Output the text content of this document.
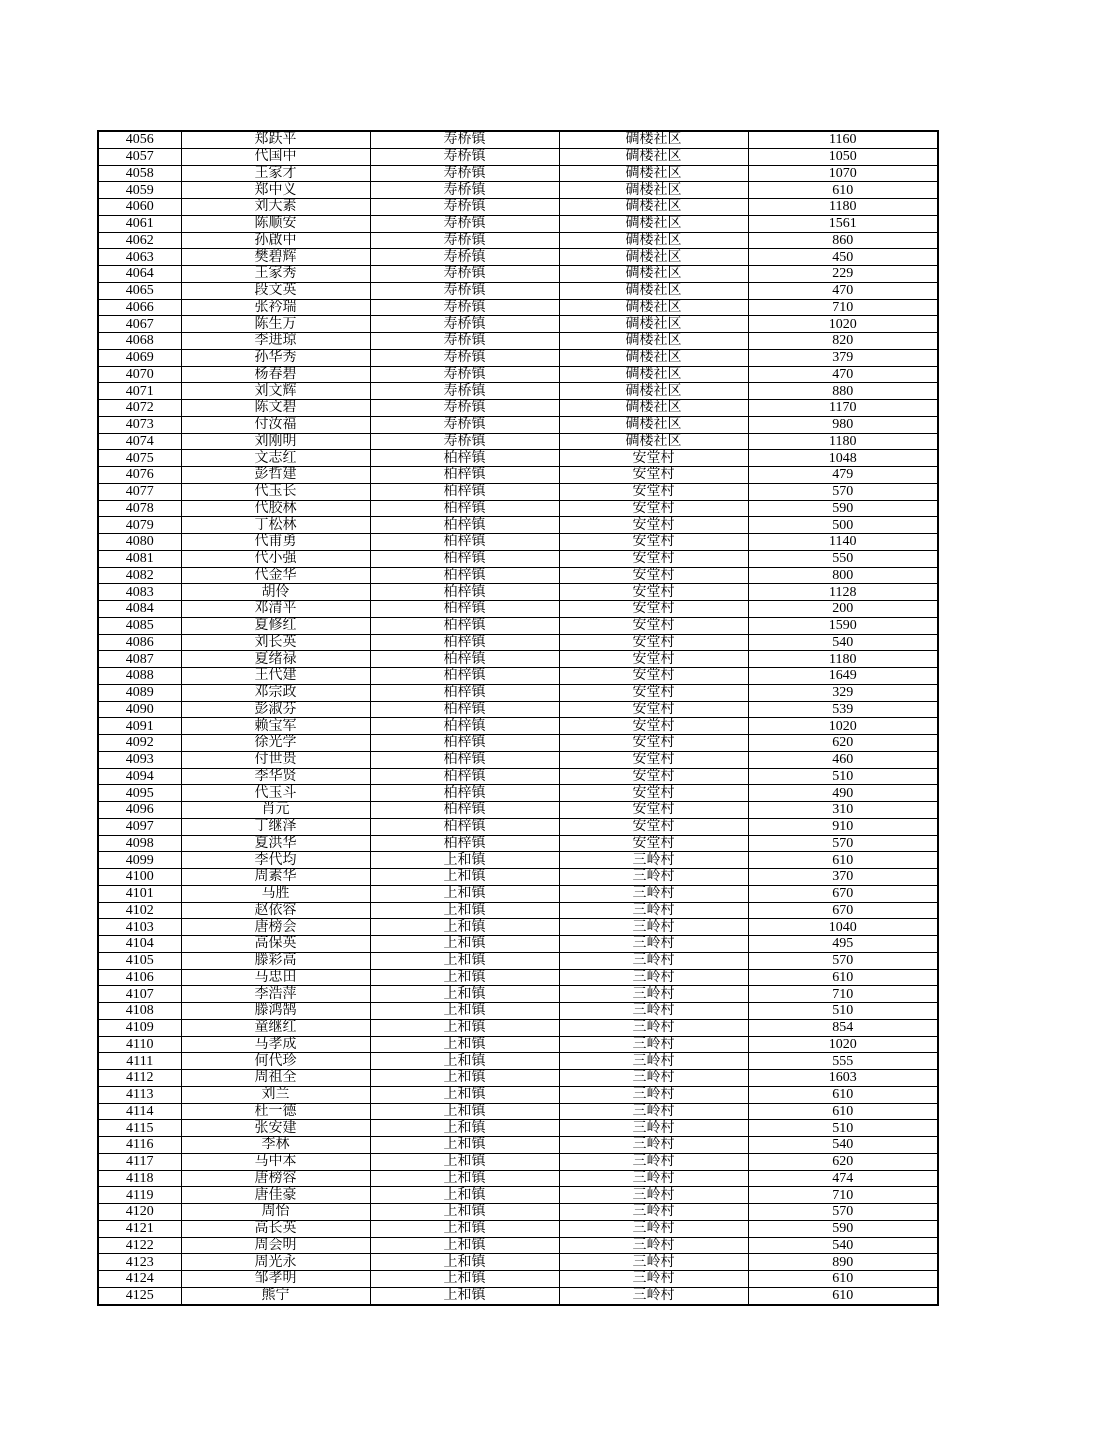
4056	郑跃平	寿桥镇	碉楼社区	1160
4057	代国中	寿桥镇	碉楼社区	1050
4058	王家才	寿桥镇	碉楼社区	1070
4059	郑中义	寿桥镇	碉楼社区	610
4060	刘大素	寿桥镇	碉楼社区	1180
4061	陈顺安	寿桥镇	碉楼社区	1561
4062	孙啟中	寿桥镇	碉楼社区	860
4063	樊碧辉	寿桥镇	碉楼社区	450
4064	王家秀	寿桥镇	碉楼社区	229
4065	段文英	寿桥镇	碉楼社区	470
4066	张衿瑞	寿桥镇	碉楼社区	710
4067	陈生万	寿桥镇	碉楼社区	1020
4068	李进琼	寿桥镇	碉楼社区	820
4069	孙华秀	寿桥镇	碉楼社区	379
4070	杨春碧	寿桥镇	碉楼社区	470
4071	刘文辉	寿桥镇	碉楼社区	880
4072	陈文碧	寿桥镇	碉楼社区	1170
4073	付汝福	寿桥镇	碉楼社区	980
4074	刘刚明	寿桥镇	碉楼社区	1180
4075	文志红	柏梓镇	安堂村	1048
4076	彭哲建	柏梓镇	安堂村	479
4077	代玉长	柏梓镇	安堂村	570
4078	代胶林	柏梓镇	安堂村	590
4079	丁松林	柏梓镇	安堂村	500
4080	代甫勇	柏梓镇	安堂村	1140
4081	代小强	柏梓镇	安堂村	550
4082	代金华	柏梓镇	安堂村	800
4083	胡伶	柏梓镇	安堂村	1128
4084	邓清平	柏梓镇	安堂村	200
4085	夏修红	柏梓镇	安堂村	1590
4086	刘长英	柏梓镇	安堂村	540
4087	夏绪禄	柏梓镇	安堂村	1180
4088	王代建	柏梓镇	安堂村	1649
4089	邓宗政	柏梓镇	安堂村	329
4090	彭淑芬	柏梓镇	安堂村	539
4091	赖宝军	柏梓镇	安堂村	1020
4092	徐光学	柏梓镇	安堂村	620
4093	付世贵	柏梓镇	安堂村	460
4094	李华贤	柏梓镇	安堂村	510
4095	代玉斗	柏梓镇	安堂村	490
4096	肖元	柏梓镇	安堂村	310
4097	丁继泽	柏梓镇	安堂村	910
4098	夏洪华	柏梓镇	安堂村	570
4099	李代均	上和镇	三岭村	610
4100	周素华	上和镇	三岭村	370
4101	马胜	上和镇	三岭村	670
4102	赵依容	上和镇	三岭村	670
4103	唐榜会	上和镇	三岭村	1040
4104	高保英	上和镇	三岭村	495
4105	滕彩高	上和镇	三岭村	570
4106	马忠田	上和镇	三岭村	610
4107	李浩萍	上和镇	三岭村	710
4108	滕鸿鹄	上和镇	三岭村	510
4109	童继红	上和镇	三岭村	854
4110	马孝成	上和镇	三岭村	1020
4111	何代珍	上和镇	三岭村	555
4112	周祖全	上和镇	三岭村	1603
4113	刘兰	上和镇	三岭村	610
4114	杜一德	上和镇	三岭村	610
4115	张安建	上和镇	三岭村	510
4116	李林	上和镇	三岭村	540
4117	马中本	上和镇	三岭村	620
4118	唐榜容	上和镇	三岭村	474
4119	唐佳豪	上和镇	三岭村	710
4120	周怡	上和镇	三岭村	570
4121	高长英	上和镇	三岭村	590
4122	周会明	上和镇	三岭村	540
4123	周光永	上和镇	三岭村	890
4124	邹孝明	上和镇	三岭村	610
4125	熊宁	上和镇	三岭村	610
